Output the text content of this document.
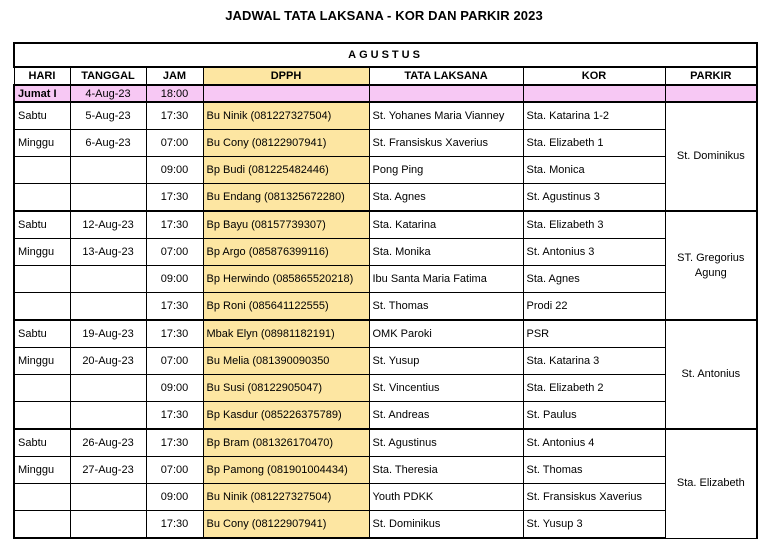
JADWAL TATA LAKSANA - KOR DAN PARKIR 2023
AGUSTUS						
HARI	TANGGAL	JAM	DPPH	TATA LAKSANA	KOR	PARKIR
Jumat I	4-Aug-23	18:00				
Sabtu	5-Aug-23	17:30	Bu Ninik (081227327504)	St. Yohanes Maria Vianney	Sta. Katarina 1-2	St. Dominikus
Minggu	6-Aug-23	07:00	Bu Cony (08122907941)	St. Fransiskus Xaverius	Sta. Elizabeth 1	
		09:00	Bp Budi (081225482446)	Pong Ping	Sta. Monica	
		17:30	Bu Endang (081325672280)	Sta. Agnes	St. Agustinus 3	
Sabtu	12-Aug-23	17:30	Bp Bayu (08157739307)	Sta. Katarina	Sta. Elizabeth 3	ST. Gregorius Agung
Minggu	13-Aug-23	07:00	Bp Argo (085876399116)	Sta. Monika	St. Antonius 3	
		09:00	Bp Herwindo (085865520218)	Ibu Santa Maria Fatima	Sta. Agnes	
		17:30	Bp Roni (085641122555)	St. Thomas	Prodi 22	
Sabtu	19-Aug-23	17:30	Mbak Elyn (08981182191)	OMK Paroki	PSR	St. Antonius
Minggu	20-Aug-23	07:00	Bu Melia (081390090350	St. Yusup	Sta. Katarina 3	
		09:00	Bu Susi (08122905047)	St. Vincentius	Sta. Elizabeth 2	
		17:30	Bp Kasdur (085226375789)	St. Andreas	St. Paulus	
Sabtu	26-Aug-23	17:30	Bp Bram (081326170470)	St. Agustinus	St. Antonius 4	Sta. Elizabeth
Minggu	27-Aug-23	07:00	Bp Pamong (081901004434)	Sta. Theresia	St. Thomas	
		09:00	Bu Ninik (081227327504)	Youth PDKK	St. Fransiskus Xaverius	
		17:30	Bu Cony (08122907941)	St. Dominikus	St. Yusup 3	
